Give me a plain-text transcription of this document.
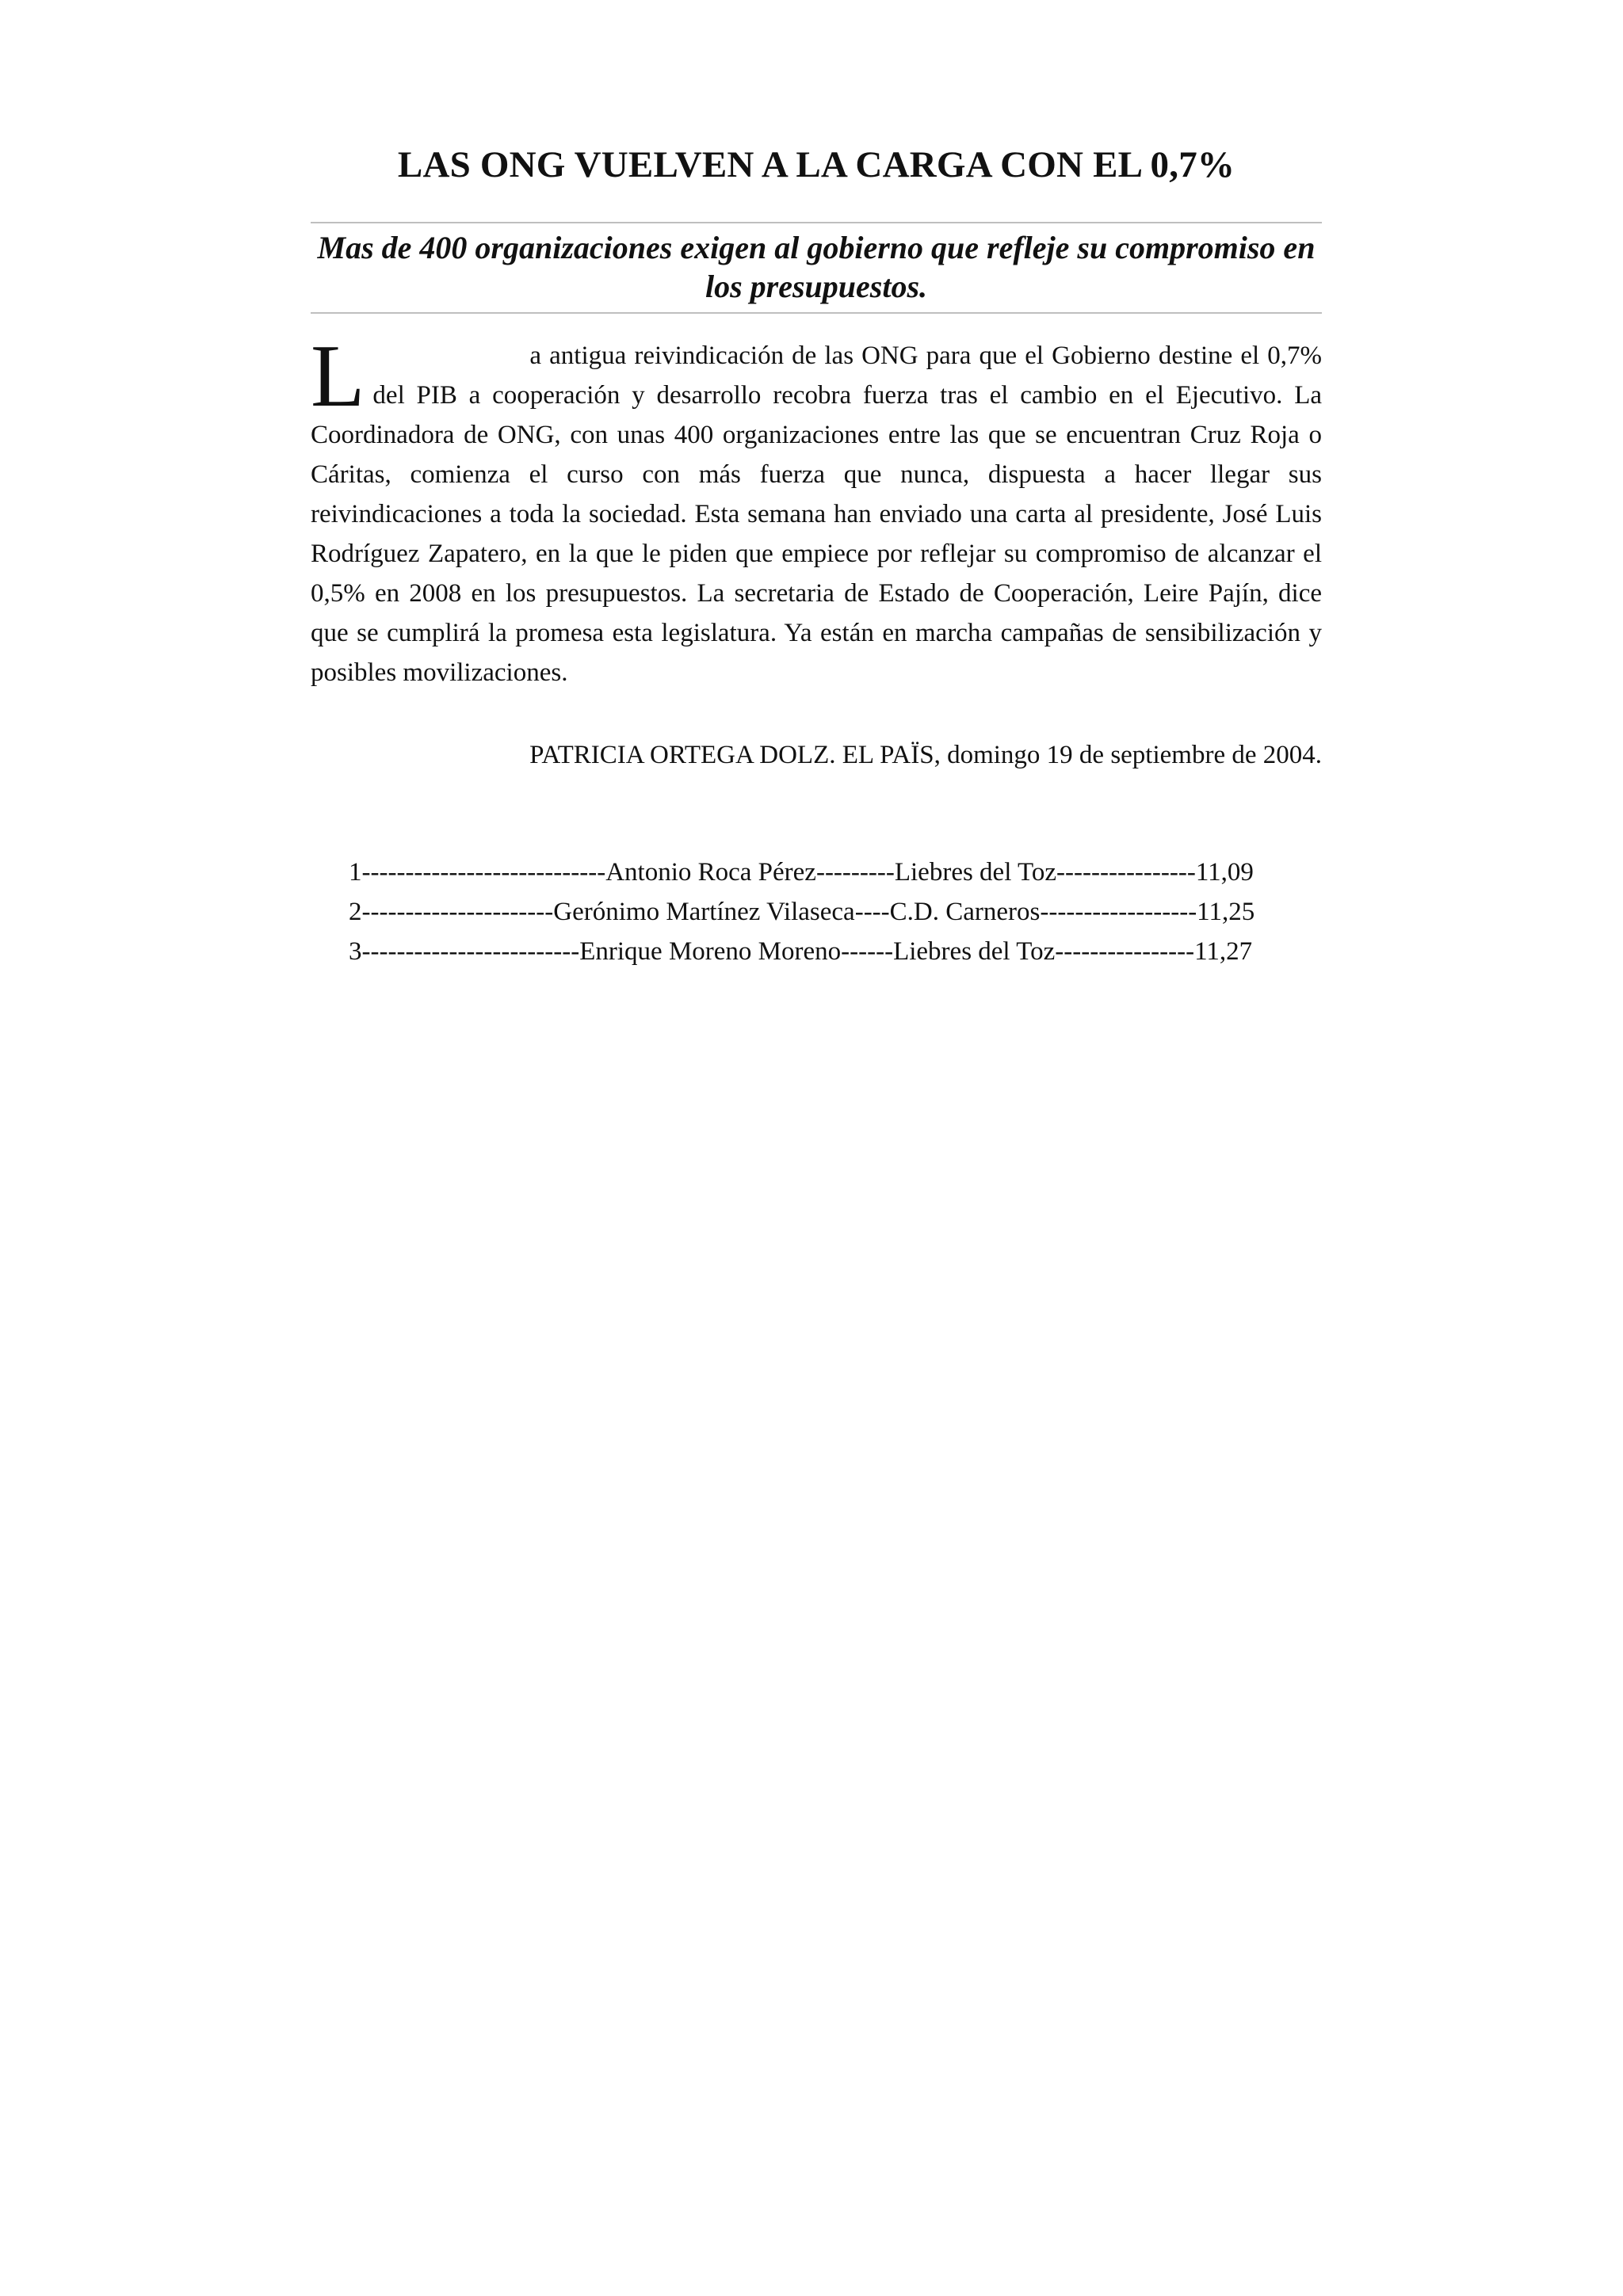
LAS ONG VUELVEN A LA CARGA CON EL 0,7%

Mas de 400 organizaciones exigen al gobierno que refleje su compromiso en los presupuestos.

L	a antigua reivindicación de las ONG para que el Gobierno destine el 0,7% del PIB a cooperación y desarrollo recobra fuerza tras el cambio en el Ejecutivo. La Coordinadora de ONG, con unas 400 organizaciones entre las que se encuentran Cruz Roja o Cáritas, comienza el curso con más fuerza que nunca, dispuesta a hacer llegar sus reivindicaciones a toda la sociedad. Esta semana han enviado una carta al presidente, José Luis Rodríguez Zapatero, en la que le piden que empiece por reflejar su compromiso de alcanzar el 0,5% en 2008 en los presupuestos. La secretaria de Estado de Cooperación, Leire Pajín, dice que se cumplirá la promesa esta legislatura. Ya están en marcha campañas de sensibilización y posibles movilizaciones.

PATRICIA ORTEGA DOLZ. EL PAÏS, domingo 19 de septiembre de 2004.

1----------------------------Antonio Roca Pérez---------Liebres del Toz----------------11,09
2----------------------Gerónimo Martínez Vilaseca----C.D. Carneros------------------11,25
3-------------------------Enrique Moreno Moreno------Liebres del Toz----------------11,27
